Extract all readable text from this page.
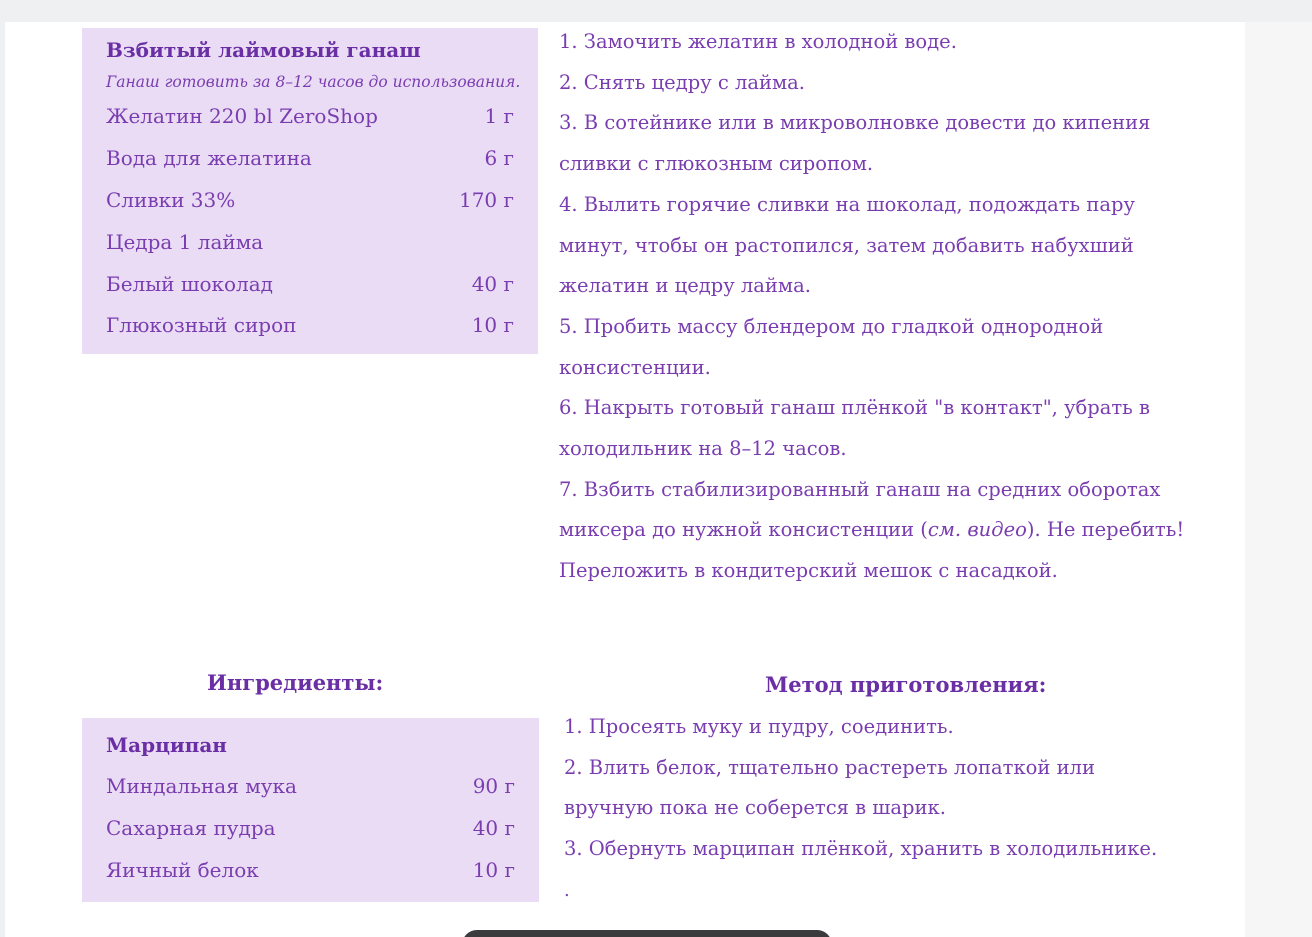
Взбитый лаймовый ганаш
Ганаш готовить за 8–12 часов до использования.
Желатин 220 bl ZeroShop	1 г
Вода для желатина	6 г
Сливки 33%	170 г
Цедра 1 лайма
Белый шоколад	40 г
Глюкозный сироп	10 г
1. Замочить желатин в холодной воде.
2. Снять цедру с лайма.
3. В сотейнике или в микроволновке довести до кипения
сливки с глюкозным сиропом.
4. Вылить горячие сливки на шоколад, подождать пару
минут, чтобы он растопился, затем добавить набухший
желатин и цедру лайма.
5. Пробить массу блендером до гладкой однородной
консистенции.
6. Накрыть готовый ганаш плёнкой "в контакт", убрать в
холодильник на 8–12 часов.
7. Взбить стабилизированный ганаш на средних оборотах
миксера до нужной консистенции (см. видео). Не перебить!
Переложить в кондитерский мешок с насадкой.
Ингредиенты:	Метод приготовления:
Марципан
Миндальная мука	90 г
Сахарная пудра	40 г
Яичный белок	10 г
1. Просеять муку и пудру, соединить.
2. Влить белок, тщательно растереть лопаткой или
вручную пока не соберется в шарик.
3. Обернуть марципан плёнкой, хранить в холодильнике.
.
